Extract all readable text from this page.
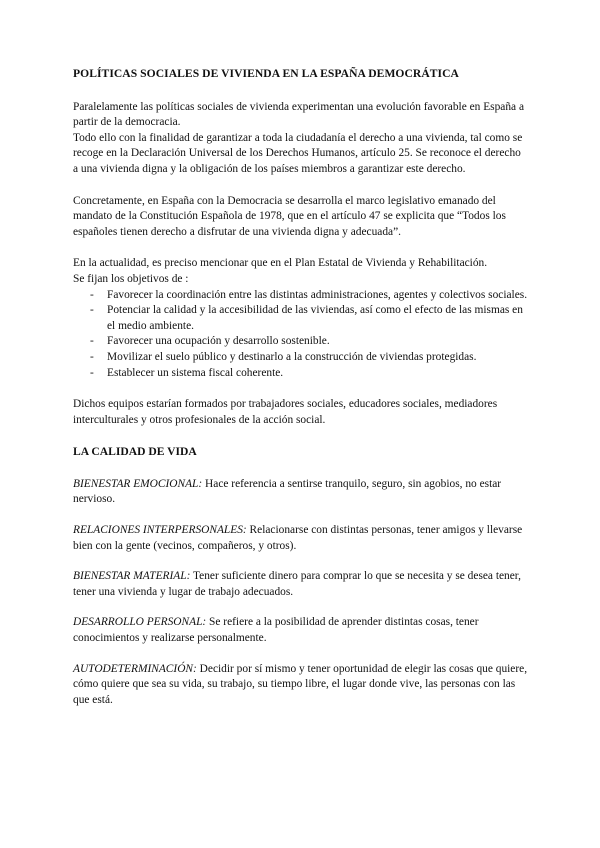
POLÍTICAS SOCIALES DE VIVIENDA EN LA ESPAÑA DEMOCRÁTICA

Paralelamente las políticas sociales de vivienda experimentan una evolución favorable en España a partir de la democracia.

Todo ello con la finalidad de garantizar a toda la ciudadanía el derecho a una vivienda, tal como se recoge en la Declaración Universal de los Derechos Humanos, artículo 25. Se reconoce el derecho a una vivienda digna y la obligación de los países miembros a garantizar este derecho.

Concretamente, en España con la Democracia se desarrolla el marco legislativo emanado del mandato de la Constitución Española de 1978, que en el artículo 47 se explicita que “Todos los españoles tienen derecho a disfrutar de una vivienda digna y adecuada”.

En la actualidad, es preciso mencionar que en el Plan Estatal de Vivienda y Rehabilitación.

Se fijan los objetivos de :

- Favorecer la coordinación entre las distintas administraciones, agentes y colectivos sociales.
- Potenciar la calidad y la accesibilidad de las viviendas, así como el efecto de las mismas en el medio ambiente.
- Favorecer una ocupación y desarrollo sostenible.
- Movilizar el suelo público y destinarlo a la construcción de viviendas protegidas.
- Establecer un sistema fiscal coherente.

Dichos equipos estarían formados por trabajadores sociales, educadores sociales, mediadores interculturales y otros profesionales de la acción social.

LA CALIDAD DE VIDA

BIENESTAR EMOCIONAL: Hace referencia a sentirse tranquilo, seguro, sin agobios, no estar nervioso.

RELACIONES INTERPERSONALES: Relacionarse con distintas personas, tener amigos y llevarse bien con la gente (vecinos, compañeros, y otros).

BIENESTAR MATERIAL: Tener suficiente dinero para comprar lo que se necesita y se desea tener, tener una vivienda y lugar de trabajo adecuados.

DESARROLLO PERSONAL: Se refiere a la posibilidad de aprender distintas cosas, tener conocimientos y realizarse personalmente.

AUTODETERMINACIÓN: Decidir por sí mismo y tener oportunidad de elegir las cosas que quiere, cómo quiere que sea su vida, su trabajo, su tiempo libre, el lugar donde vive, las personas con las que está.
